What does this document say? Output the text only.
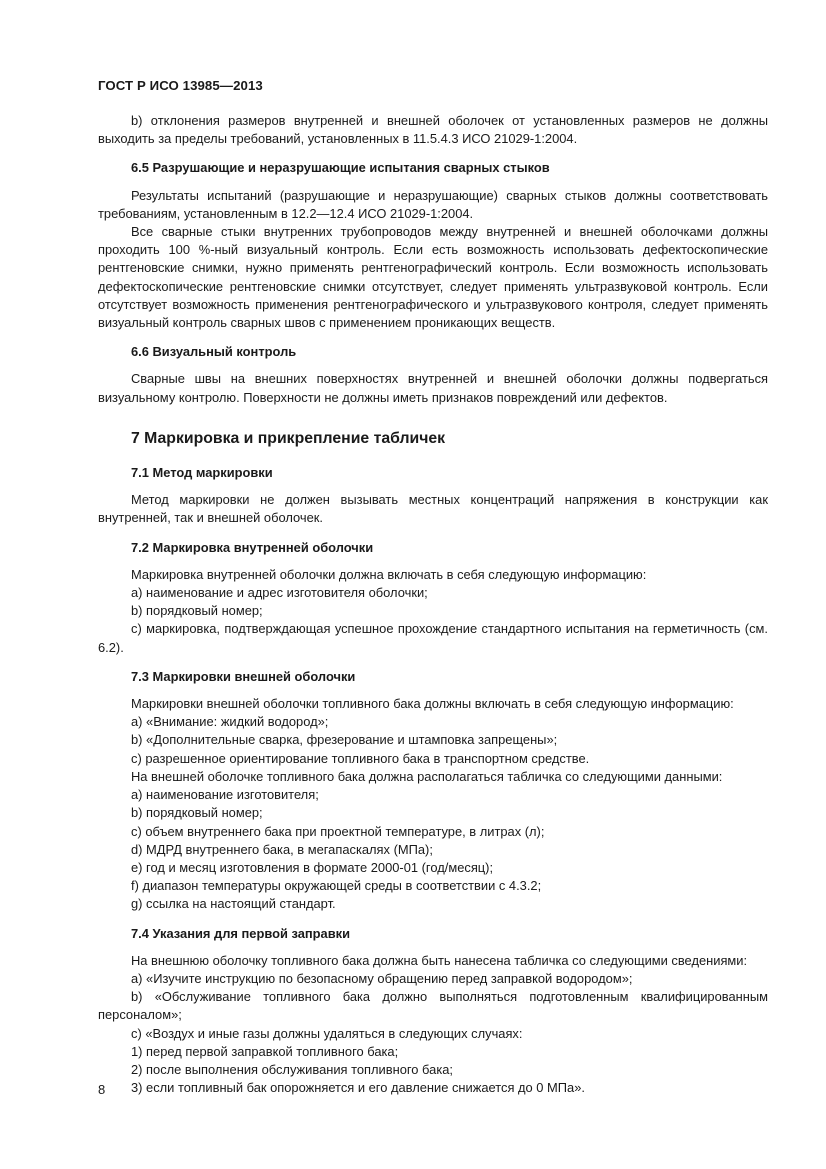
ГОСТ Р ИСО 13985—2013

b) отклонения размеров внутренней и внешней оболочек от установленных размеров не должны выходить за пределы требований, установленных в 11.5.4.3 ИСО 21029-1:2004.

6.5 Разрушающие и неразрушающие испытания сварных стыков

Результаты испытаний (разрушающие и неразрушающие) сварных стыков должны соответствовать требованиям, установленным в 12.2—12.4 ИСО 21029-1:2004.

Все сварные стыки внутренних трубопроводов между внутренней и внешней оболочками должны проходить 100 %-ный визуальный контроль. Если есть возможность использовать дефектоскопические рентгеновские снимки, нужно применять рентгенографический контроль. Если возможность использовать дефектоскопические рентгеновские снимки отсутствует, следует применять ультразвуковой контроль. Если отсутствует возможность применения рентгенографического и ультразвукового контроля, следует применять визуальный контроль сварных швов с применением проникающих веществ.

6.6 Визуальный контроль

Сварные швы на внешних поверхностях внутренней и внешней оболочки должны подвергаться визуальному контролю. Поверхности не должны иметь признаков повреждений или дефектов.

7 Маркировка и прикрепление табличек
7.1 Метод маркировки

Метод маркировки не должен вызывать местных концентраций напряжения в конструкции как внутренней, так и внешней оболочек.

7.2 Маркировка внутренней оболочки

Маркировка внутренней оболочки должна включать в себя следующую информацию:

а) наименование и адрес изготовителя оболочки;

b) порядковый номер;

c) маркировка, подтверждающая успешное прохождение стандартного испытания на герметичность (см. 6.2).

7.3 Маркировки внешней оболочки

Маркировки внешней оболочки топливного бака должны включать в себя следующую информацию:

а) «Внимание: жидкий водород»;

b) «Дополнительные сварка, фрезерование и штамповка запрещены»;

c) разрешенное ориентирование топливного бака в транспортном средстве.

На внешней оболочке топливного бака должна располагаться табличка со следующими данными:

а) наименование изготовителя;

b) порядковый номер;

c) объем внутреннего бака при проектной температуре, в литрах (л);

d) МДРД внутреннего бака, в мегапаскалях (МПа);

e) год и месяц изготовления в формате 2000-01 (год/месяц);

f) диапазон температуры окружающей среды в соответствии с 4.3.2;

g) ссылка на настоящий стандарт.

7.4 Указания для первой заправки

На внешнюю оболочку топливного бака должна быть нанесена табличка со следующими сведениями:

а) «Изучите инструкцию по безопасному обращению перед заправкой водородом»;

b) «Обслуживание топливного бака должно выполняться подготовленным квалифицированным персоналом»;

c) «Воздух и иные газы должны удаляться в следующих случаях:

1) перед первой заправкой топливного бака;

2) после выполнения обслуживания топливного бака;

3) если топливный бак опорожняется и его давление снижается до 0 МПа».

8
